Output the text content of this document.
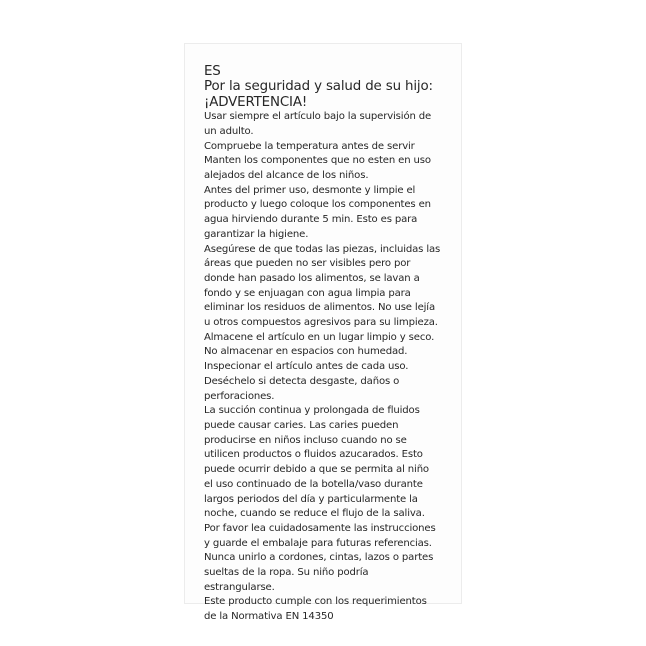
ES
Por la seguridad y salud de su hijo:
¡ADVERTENCIA!
Usar siempre el artículo bajo la supervisión de
un adulto.
Compruebe la temperatura antes de servir
Manten los componentes que no esten en uso
alejados del alcance de los niños.
Antes del primer uso, desmonte y limpie el
producto y luego coloque los componentes en
agua hirviendo durante 5 min. Esto es para
garantizar la higiene.
Asegúrese de que todas las piezas, incluidas las
áreas que pueden no ser visibles pero por
donde han pasado los alimentos, se lavan a
fondo y se enjuagan con agua limpia para
eliminar los residuos de alimentos. No use lejía
u otros compuestos agresivos para su limpieza.
Almacene el artículo en un lugar limpio y seco.
No almacenar en espacios con humedad.
Inspecionar el artículo antes de cada uso.
Deséchelo si detecta desgaste, daños o
perforaciones.
La succión continua y prolongada de fluidos
puede causar caries. Las caries pueden
producirse en niños incluso cuando no se
utilicen productos o fluidos azucarados. Esto
puede ocurrir debido a que se permita al niño
el uso continuado de la botella/vaso durante
largos periodos del día y particularmente la
noche, cuando se reduce el flujo de la saliva.
Por favor lea cuidadosamente las instrucciones
y guarde el embalaje para futuras referencias.
Nunca unirlo a cordones, cintas, lazos o partes
sueltas de la ropa. Su niño podría
estrangularse.
Este producto cumple con los requerimientos
de la Normativa EN 14350
